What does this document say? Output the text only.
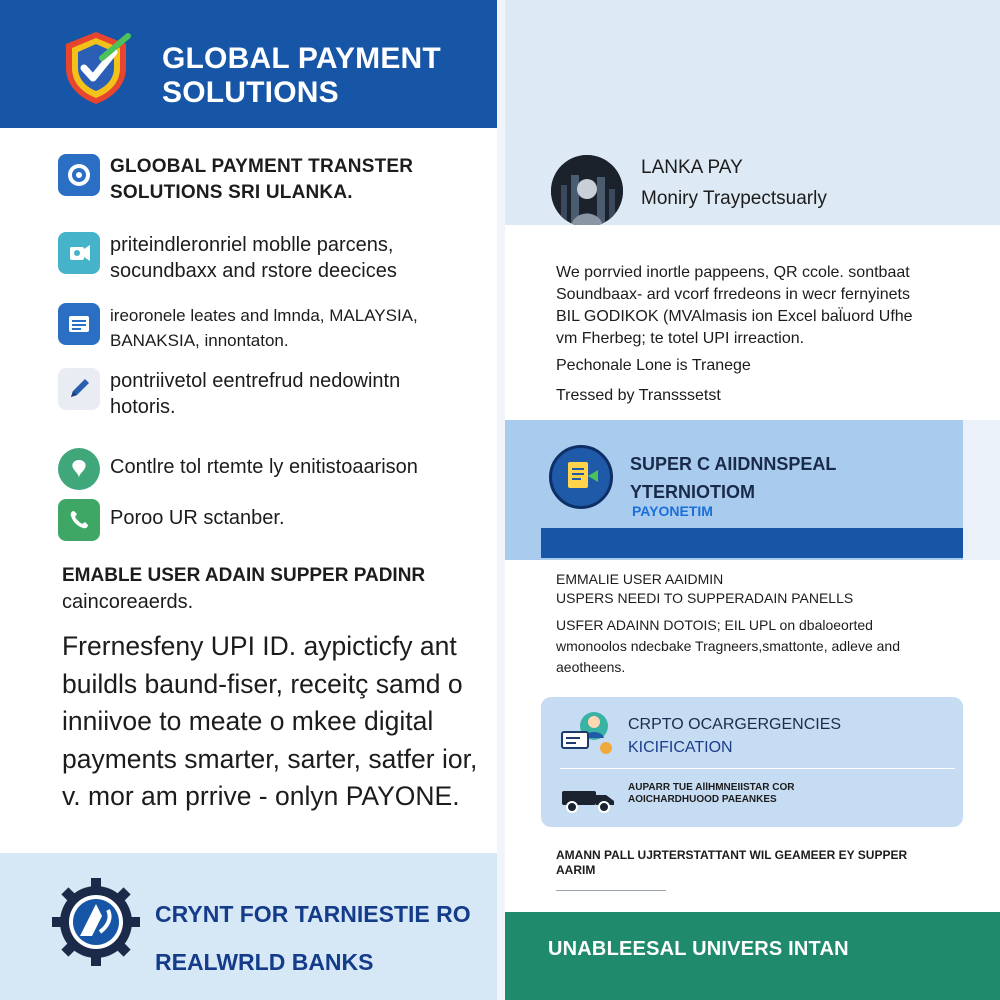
GLOBAL PAYMENT
SOLUTIONS
GLOOBAL PAYMENT TRANSTER
SOLUTIONS SRI ULANKA.
priteindleronriel moblle parcens,
socundbaxx and rstore deecices
ireoronele leates and lmnda, MALAYSIA,
BANAKSIA, innontaton.
pontriivetol eentrefrud nedowintn
hotoris.
Contlre tol rtemte ly enitistoaarison
Poroo UR sctanber.
EMABLE USER ADAIN SUPPER PADINR
caincoreaerds.
Frernesfeny UPI ID. aypicticfy ant
buildls baund-fiser, receitç samd o
inniivoe to meate o mkee digital
payments smarter, sarter, satfer ior,
v. mor am prrive - onlyn PAYONE.
CRYNT FOR TARNIESTIE RO
REALWRLD BANKS
LANKA PAY
Moniry Traypectsuarly
We porrvied inortle pappeens, QR ccole. sontbaat
Soundbaax- ard vcorf frredeons in wecr fernyinets
BIL GODIKOK (MVAlmasis ion Excel bal̈uord Ufhe
vm Fherbeg; te totel UPI irreaction.
Pechonale Lone is Tranege
Tressed by Transssetst
SUPER C AIIDNNSPEAL
YTERNIOTIOM
PAYONETIM
EMMALIE USER AAIDMIN
USPERS NEEDI TO SUPPERADAIN PANELLS
USFER ADAINN DOTOIS; EIL UPL on dbaloeorted
wmonoolos ndecbake Tragneers,smattonte, adleve and
aeotheens.
CRPTO OCARGERGENCIES
KICIFICATION
AUPARR TUE AllHMNEIISTAR COR
AOICHARDHUOOD PAEANKES
AMANN PALL UJRTERSTATTANT WIL GEAMEER EY SUPPER
AARIM
UNABLEESAL UNIVERS INTAN
